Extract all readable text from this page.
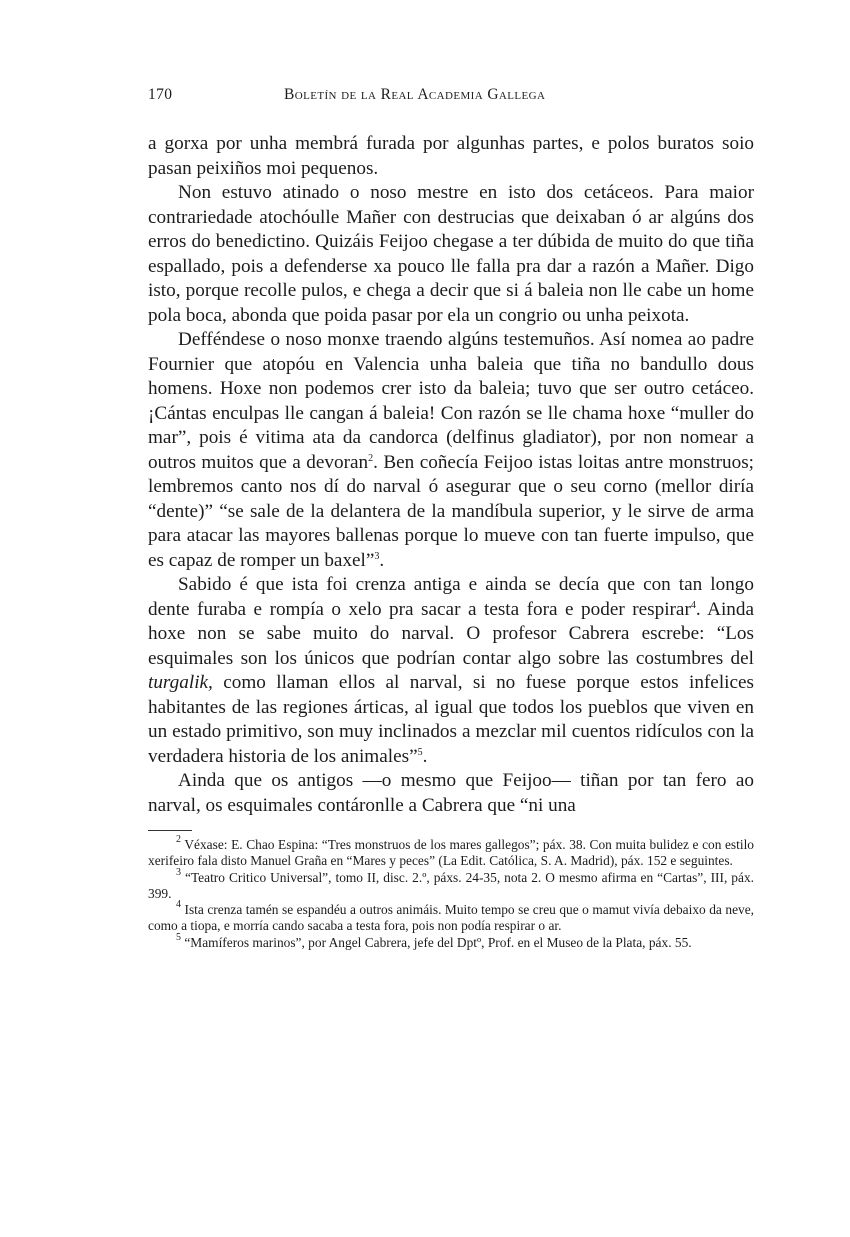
170	Boletín de la Real Academia Gallega

a gorxa por unha membrá furada por algunhas partes, e polos buratos soio pasan peixiños moi pequenos.

Non estuvo atinado o noso mestre en isto dos cetáceos. Para maior contrariedade atochóulle Mañer con destrucias que deixaban ó ar algúns dos erros do benedictino. Quizáis Feijoo chegase a ter dúbida de muito do que tiña espallado, pois a defenderse xa pouco lle falla pra dar a razón a Mañer. Digo isto, porque recolle pulos, e chega a decir que si á baleia non lle cabe un home pola boca, abonda que poida pasar por ela un congrio ou unha peixota.

Defféndese o noso monxe traendo algúns testemuños. Así nomea ao padre Fournier que atopóu en Valencia unha baleia que tiña no bandullo dous homens. Hoxe non podemos crer isto da baleia; tuvo que ser outro cetáceo. ¡Cántas enculpas lle cangan á baleia! Con razón se lle chama hoxe “muller do mar”, pois é vitima ata da candorca (delfinus gladiator), por non nomear a outros muitos que a devoran$^2$. Ben coñecía Feijoo istas loitas antre monstruos; lembremos canto nos dí do narval ó asegurar que o seu corno (mellor diría “dente)” “se sale de la delantera de la mandíbula superior, y le sirve de arma para atacar las mayores ballenas porque lo mueve con tan fuerte impulso, que es capaz de romper un baxel”$^3$.

Sabido é que ista foi crenza antiga e ainda se decía que con tan longo dente furaba e rompía o xelo pra sacar a testa fora e poder respirar$^4$. Ainda hoxe non se sabe muito do narval. O profesor Cabrera escrebe: “Los esquimales son los únicos que podrían contar algo sobre las costumbres del turgalik, como llaman ellos al narval, si no fuese porque estos infelices habitantes de las regiones árticas, al igual que todos los pueblos que viven en un estado primitivo, son muy inclinados a mezclar mil cuentos ridículos con la verdadera historia de los animales”$^5$.

Ainda que os antigos —o mesmo que Feijoo— tiñan por tan fero ao narval, os esquimales contáronlle a Cabrera que “ni una

$^2$ Véxase: E. Chao Espina: “Tres monstruos de los mares gallegos”; páx. 38. Con muita bulidez e con estilo xerifeiro fala disto Manuel Graña en “Mares y peces” (La Edit. Católica, S. A. Madrid), páx. 152 e seguintes.

$^3$ “Teatro Critico Universal”, tomo II, disc. 2.º, páxs. 24-35, nota 2. O mesmo afirma en “Cartas”, III, páx. 399.

$^4$ Ista crenza tamén se espandéu a outros animáis. Muito tempo se creu que o mamut vivía debaixo da neve, como a tiopa, e morría cando sacaba a testa fora, pois non podía respirar o ar.

$^5$ “Mamíferos marinos”, por Angel Cabrera, jefe del Dptº, Prof. en el Museo de la Plata, páx. 55.
